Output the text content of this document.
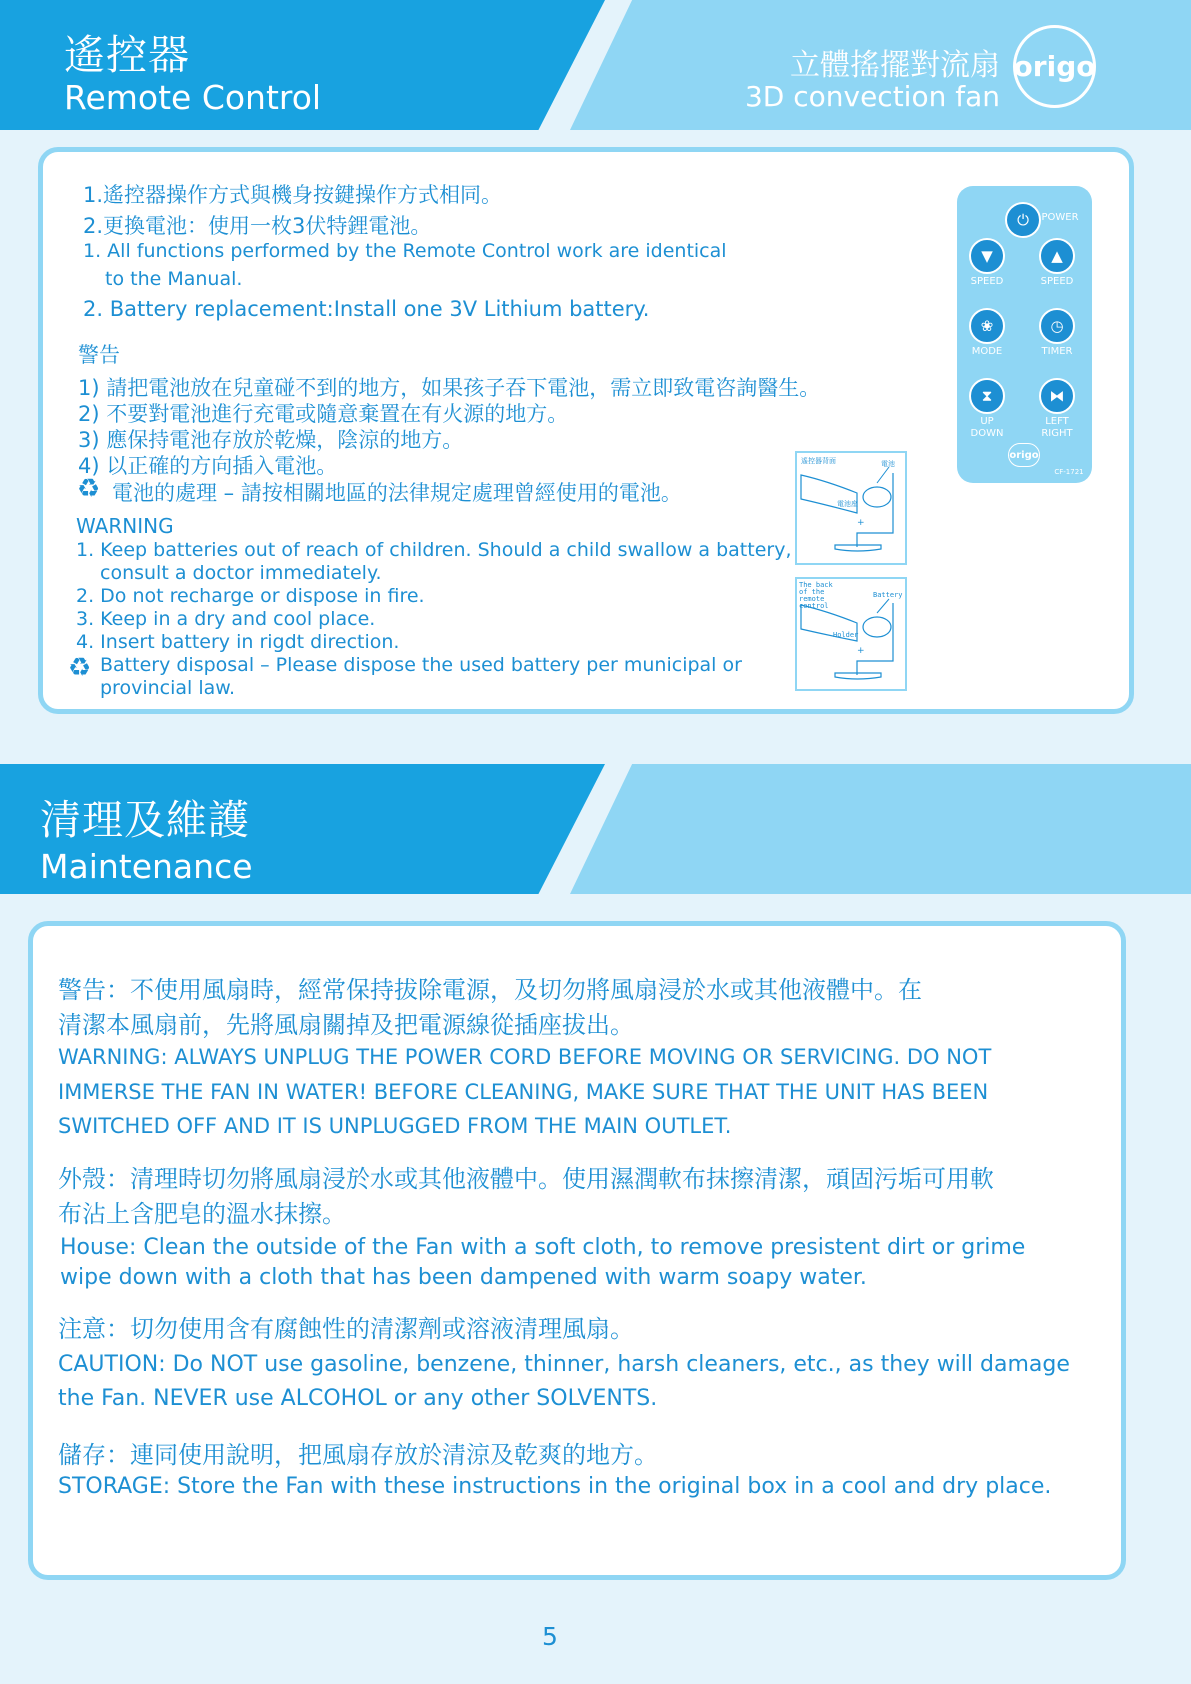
遙控器
Remote Control
立體搖擺對流扇
3D convection fan
origo
1.遙控器操作方式與機身按鍵操作方式相同。
2.更換電池：使用一枚3伏特鋰電池。
1. All functions performed by the Remote Control work are identical
to the Manual.
2. Battery replacement:Install one 3V Lithium battery.
警告
1) 請把電池放在兒童碰不到的地方，如果孩子吞下電池，需立即致電咨詢醫生。
2) 不要對電池進行充電或隨意棄置在有火源的地方。
3) 應保持電池存放於乾燥，陰涼的地方。
4) 以正確的方向插入電池。
♻ 電池的處理 – 請按相關地區的法律規定處理曾經使用的電池。
WARNING
1. Keep batteries out of reach of children. Should a child swallow a battery,
consult a doctor immediately.
2. Do not recharge or dispose in fire.
3. Keep in a dry and cool place.
4. Insert battery in rigdt direction.
♻ Battery disposal – Please dispose the used battery per municipal or
provincial law.
遙控器背面	電池
電池座
+
The back of the remote control
Battery
Holder
+
⏻	POWER
▼	▲
SPEED	SPEED
❀	◷
MODE	TIMER
⧗	⧓
UP
DOWN
LEFT
RIGHT
origo
CF-1721
清理及維護
Maintenance
警告：不使用風扇時，經常保持拔除電源，及切勿將風扇浸於水或其他液體中。在
清潔本風扇前，先將風扇關掉及把電源線從插座拔出。
WARNING: ALWAYS UNPLUG THE POWER CORD BEFORE MOVING OR SERVICING. DO NOT
IMMERSE THE FAN IN WATER! BEFORE CLEANING, MAKE SURE THAT THE UNIT HAS BEEN
SWITCHED OFF AND IT IS UNPLUGGED FROM THE MAIN OUTLET.
外殼：清理時切勿將風扇浸於水或其他液體中。使用濕潤軟布抹擦清潔，頑固污垢可用軟
布沾上含肥皂的溫水抹擦。
House: Clean the outside of the Fan with a soft cloth, to remove presistent dirt or grime
wipe down with a cloth that has been dampened with warm soapy water.
注意：切勿使用含有腐蝕性的清潔劑或溶液清理風扇。
CAUTION: Do NOT use gasoline, benzene, thinner, harsh cleaners, etc., as they will damage
the Fan. NEVER use ALCOHOL or any other SOLVENTS.
儲存：連同使用說明，把風扇存放於清涼及乾爽的地方。
STORAGE: Store the Fan with these instructions in the original box in a cool and dry place.
5
